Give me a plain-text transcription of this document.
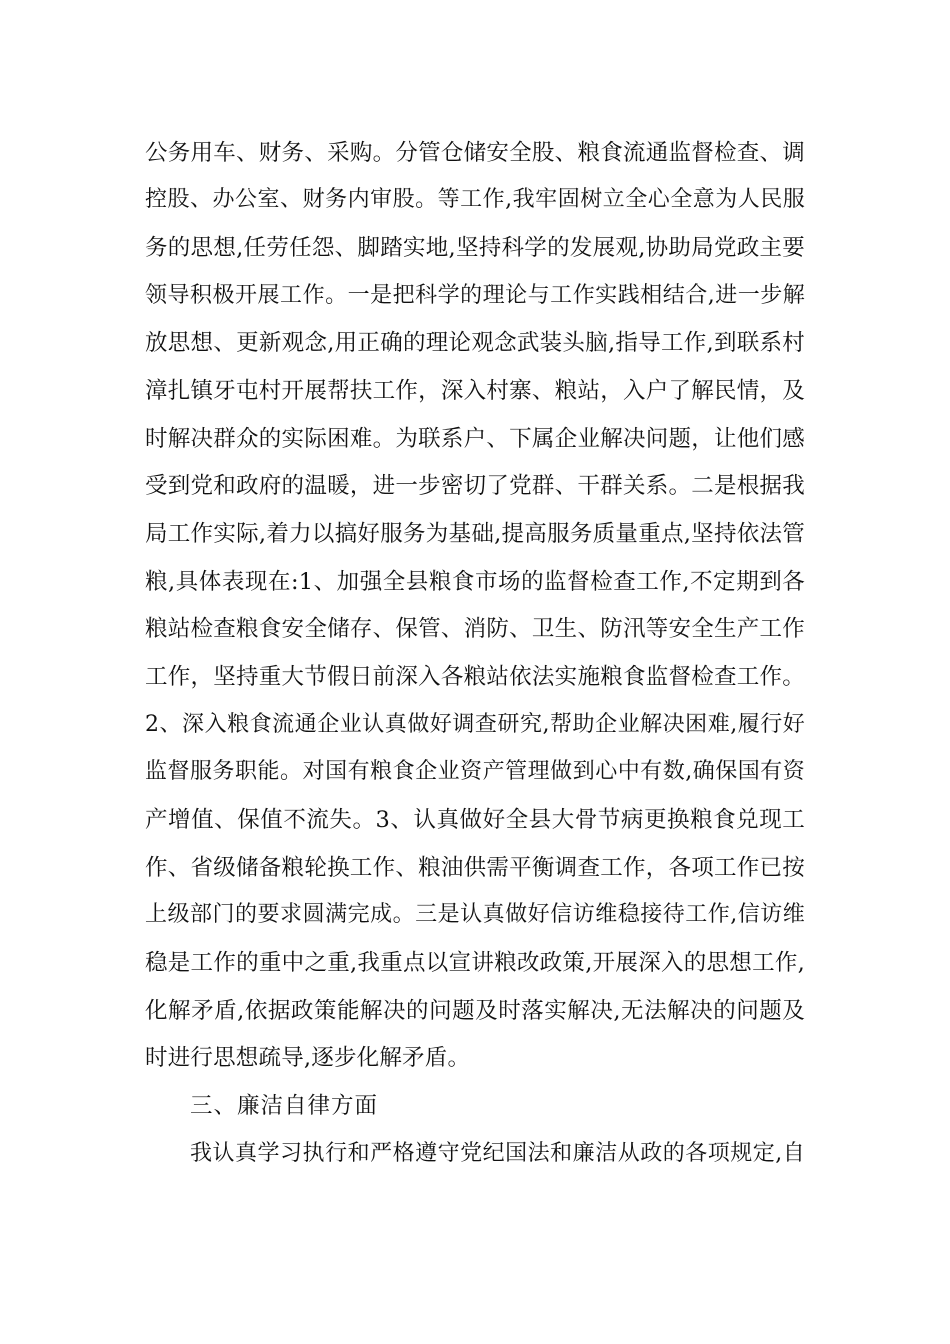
公务用车、财务、采购。分管仓储安全股、粮食流通监督检查、调
控股、办公室、财务内审股。等工作,我牢固树立全心全意为人民服
务的思想,任劳任怨、脚踏实地,坚持科学的发展观,协助局党政主要
领导积极开展工作。一是把科学的理论与工作实践相结合,进一步解
放思想、更新观念,用正确的理论观念武装头脑,指导工作,到联系村
漳扎镇牙屯村开展帮扶工作，深入村寨、粮站，入户了解民情，及
时解决群众的实际困难。为联系户、下属企业解决问题，让他们感
受到党和政府的温暖，进一步密切了党群、干群关系。二是根据我
局工作实际,着力以搞好服务为基础,提高服务质量重点,坚持依法管
粮,具体表现在:1、加强全县粮食市场的监督检查工作,不定期到各
粮站检查粮食安全储存、保管、消防、卫生、防汛等安全生产工作
工作，坚持重大节假日前深入各粮站依法实施粮食监督检查工作。
2、深入粮食流通企业认真做好调查研究,帮助企业解决困难,履行好
监督服务职能。对国有粮食企业资产管理做到心中有数,确保国有资
产增值、保值不流失。3、认真做好全县大骨节病更换粮食兑现工
作、省级储备粮轮换工作、粮油供需平衡调查工作，各项工作已按
上级部门的要求圆满完成。三是认真做好信访维稳接待工作,信访维
稳是工作的重中之重,我重点以宣讲粮改政策,开展深入的思想工作,
化解矛盾,依据政策能解决的问题及时落实解决,无法解决的问题及
时进行思想疏导,逐步化解矛盾。
三、廉洁自律方面
我认真学习执行和严格遵守党纪国法和廉洁从政的各项规定,自
